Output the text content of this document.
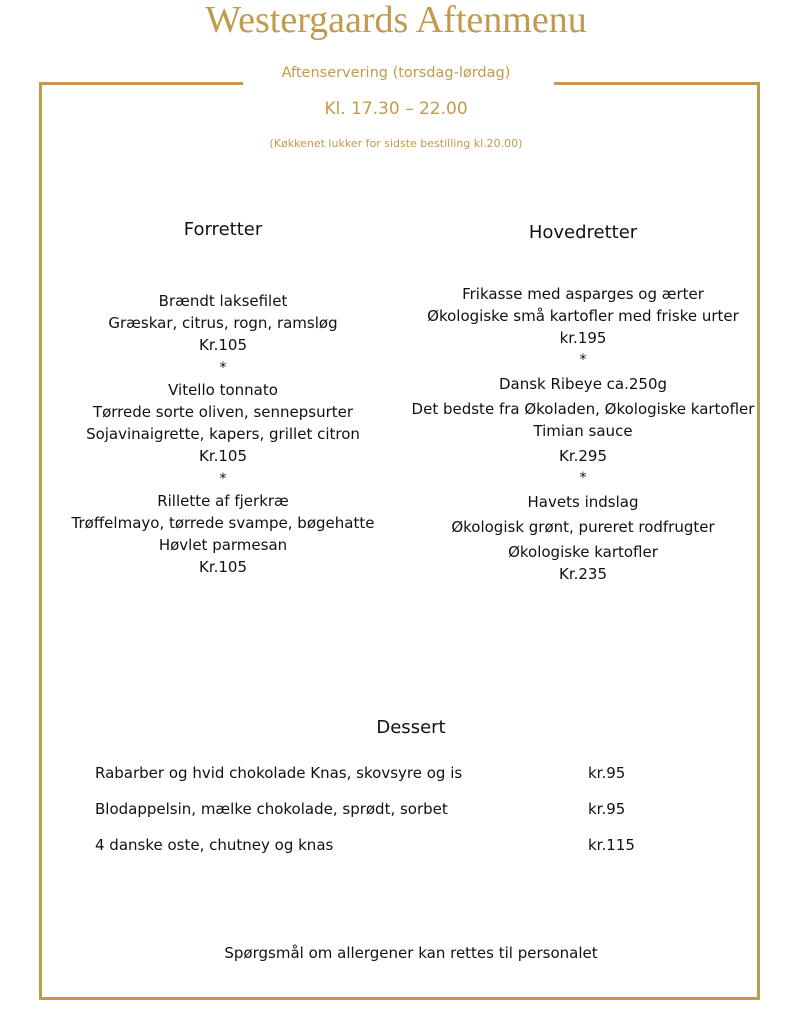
Westergaards Aftenmenu
Aftenservering (torsdag-lørdag)
Kl. 17.30 – 22.00
(Køkkenet lukker for sidste bestilling kl.20.00)
Forretter	Hovedretter
Brændt laksefilet
Græskar, citrus, rogn, ramsløg
Kr.105
*
Vitello tonnato
Tørrede sorte oliven, sennepsurter
Sojavinaigrette, kapers, grillet citron
Kr.105
*
Rillette af fjerkræ
Trøffelmayo, tørrede svampe, bøgehatte
Høvlet parmesan
Kr.105
Frikasse med asparges og ærter
Økologiske små kartofler med friske urter
kr.195
*
Dansk Ribeye ca.250g
Det bedste fra Økoladen, Økologiske kartofler
Timian sauce
Kr.295
*
Havets indslag
Økologisk grønt, pureret rodfrugter
Økologiske kartofler
Kr.235
Dessert
Rabarber og hvid chokolade Knas, skovsyre og is	kr.95
Blodappelsin, mælke chokolade, sprødt, sorbet	kr.95
4 danske oste, chutney og knas	kr.115
Spørgsmål om allergener kan rettes til personalet
